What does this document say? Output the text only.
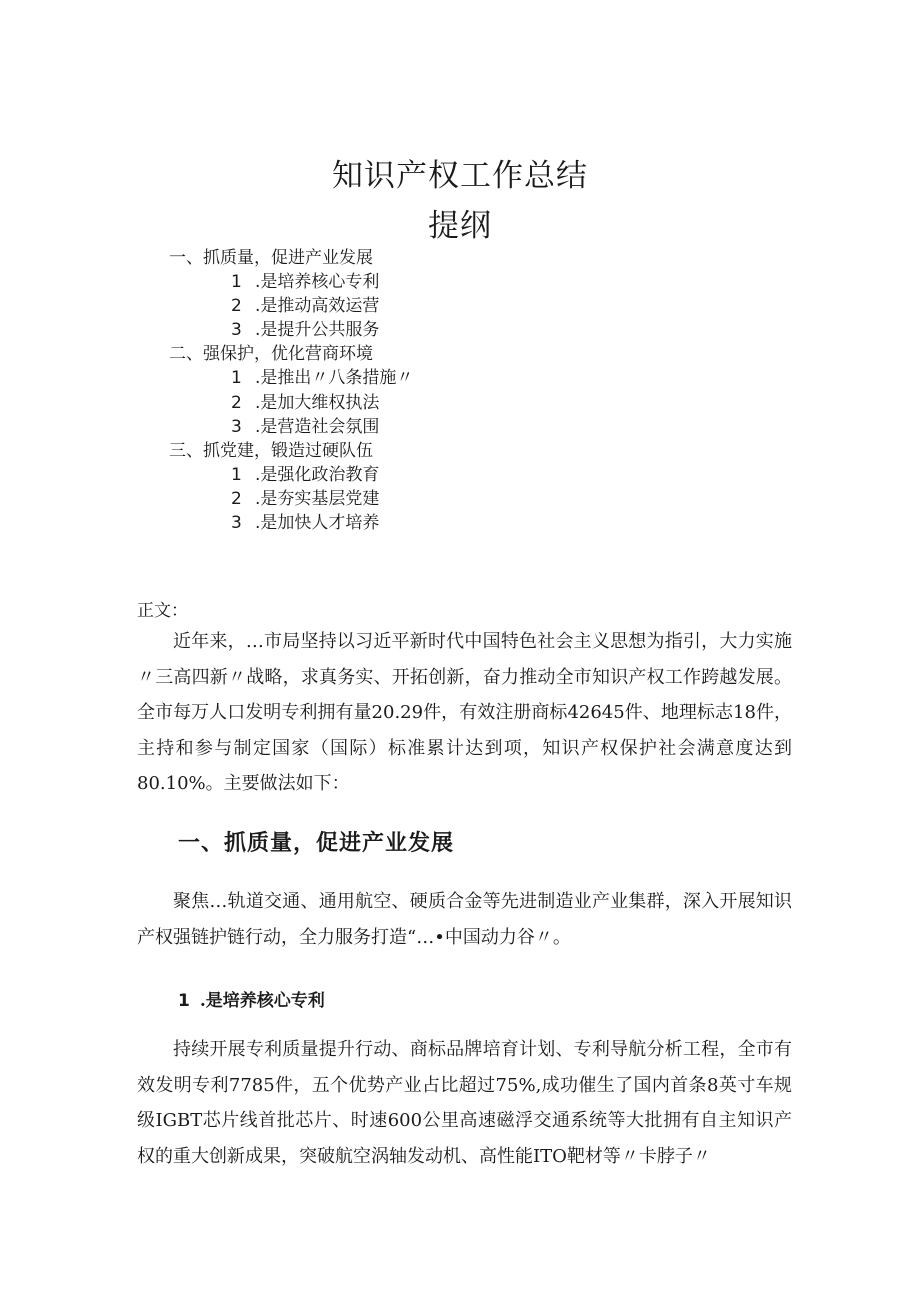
知识产权工作总结
提纲
一、抓质量，促进产业发展
1 .是培养核心专利
2 .是推动高效运营
3 .是提升公共服务
二、强保护，优化营商环境
1 .是推出〃八条措施〃
2 .是加大维权执法
3 .是营造社会氛围
三、抓党建，锻造过硬队伍
1 .是强化政治教育
2 .是夯实基层党建
3 .是加快人才培养
正文：

近年来，…市局坚持以习近平新时代中国特色社会主义思想为指引，大力实施〃三高四新〃战略，求真务实、开拓创新，奋力推动全市知识产权工作跨越发展。全市每万人口发明专利拥有量20.29件，有效注册商标42645件、地理标志18件，主持和参与制定国家（国际）标准累计达到项，知识产权保护社会满意度达到80.10%。主要做法如下：

一、抓质量，促进产业发展

聚焦…轨道交通、通用航空、硬质合金等先进制造业产业集群，深入开展知识产权强链护链行动，全力服务打造“…•中国动力谷〃。

1 .是培养核心专利

持续开展专利质量提升行动、商标品牌培育计划、专利导航分析工程，全市有效发明专利7785件，五个优势产业占比超过75%,成功催生了国内首条8英寸车规级IGBT芯片线首批芯片、时速600公里高速磁浮交通系统等大批拥有自主知识产权的重大创新成果，突破航空涡轴发动机、高性能ITO靶材等〃卡脖子〃
